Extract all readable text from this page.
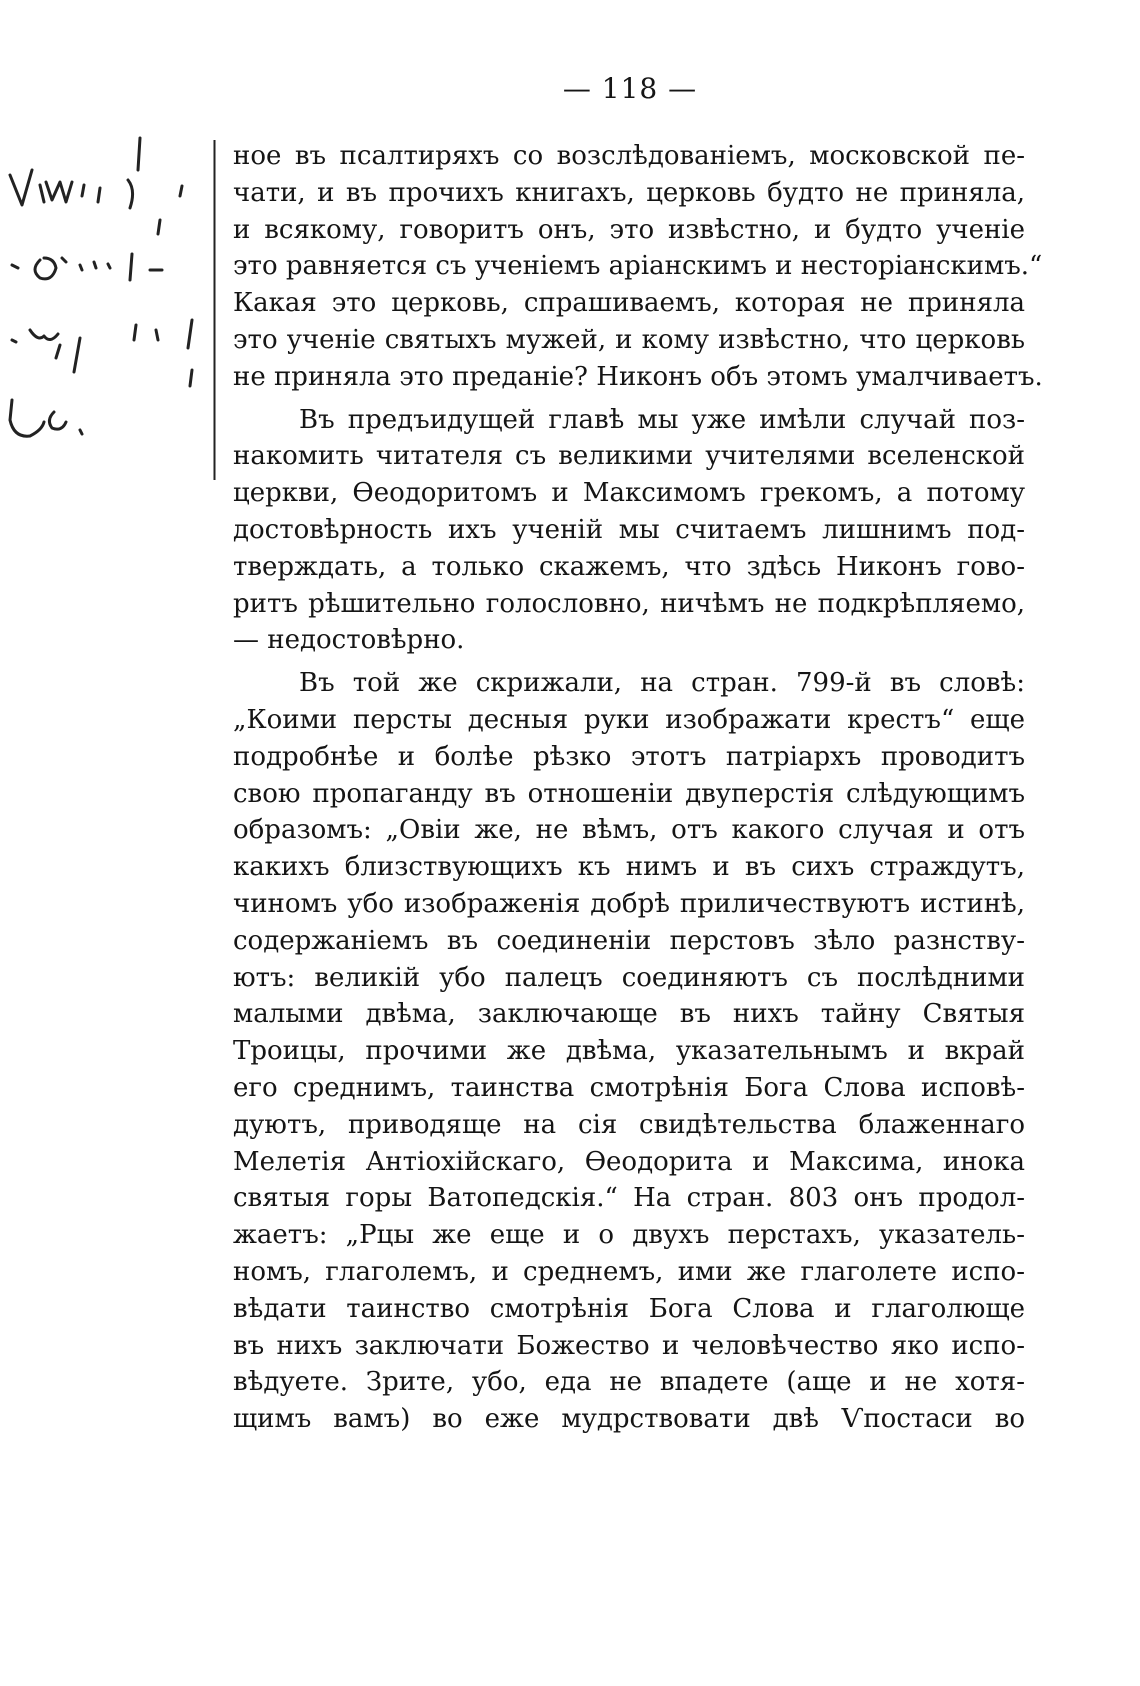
— 118 —

ное въ псалтиряхъ со возслѣдованіемъ, московской пе-
чати, и въ прочихъ книгахъ, церковь будто не приняла,
и всякому, говоритъ онъ, это извѣстно, и будто ученіе
это равняется съ ученіемъ аріанскимъ и несторіанскимъ.“
Какая это церковь, спрашиваемъ, которая не приняла
это ученіе святыхъ мужей, и кому извѣстно, что церковь
не приняла это преданіе? Никонъ объ этомъ умалчиваетъ.

Въ предъидущей главѣ мы уже имѣли случай поз-
накомить читателя съ великими учителями вселенской
церкви, Ѳеодоритомъ и Максимомъ грекомъ, а потому
достовѣрность ихъ ученій мы считаемъ лишнимъ под-
тверждать, а только скажемъ, что здѣсь Никонъ гово-
ритъ рѣшительно голословно, ничѣмъ не подкрѣпляемо,
— недостовѣрно.

Въ той же скрижали, на стран. 799-й въ словѣ:
„Коими персты десныя руки изображати крестъ“ еще
подробнѣе и болѣе рѣзко этотъ патріархъ проводитъ
свою пропаганду въ отношеніи двуперстія слѣдующимъ
образомъ: „Овіи же, не вѣмъ, отъ какого случая и отъ
какихъ близствующихъ къ нимъ и въ сихъ страждутъ,
чиномъ убо изображенія добрѣ приличествуютъ истинѣ,
содержаніемъ въ соединеніи перстовъ зѣло разнству-
ютъ: великій убо палецъ соединяютъ съ послѣдними
малыми двѣма, заключающе въ нихъ тайну Святыя
Троицы, прочими же двѣма, указательнымъ и вкрай
его среднимъ, таинства смотрѣнія Бога Слова исповѣ-
дуютъ, приводяще на сія свидѣтельства блаженнаго
Мелетія Антіохійскаго, Ѳеодорита и Максима, инока
святыя горы Ватопедскія.“ На стран. 803 онъ продол-
жаетъ: „Рцы же еще и о двухъ перстахъ, указатель-
номъ, глаголемъ, и среднемъ, ими же глаголете испо-
вѣдати таинство смотрѣнія Бога Слова и глаголюще
въ нихъ заключати Божество и человѣчество яко испо-
вѣдуете. Зрите, убо, еда не впадете (аще и не хотя-
щимъ вамъ) во еже мудрствовати двѣ Ѵпостаси во
